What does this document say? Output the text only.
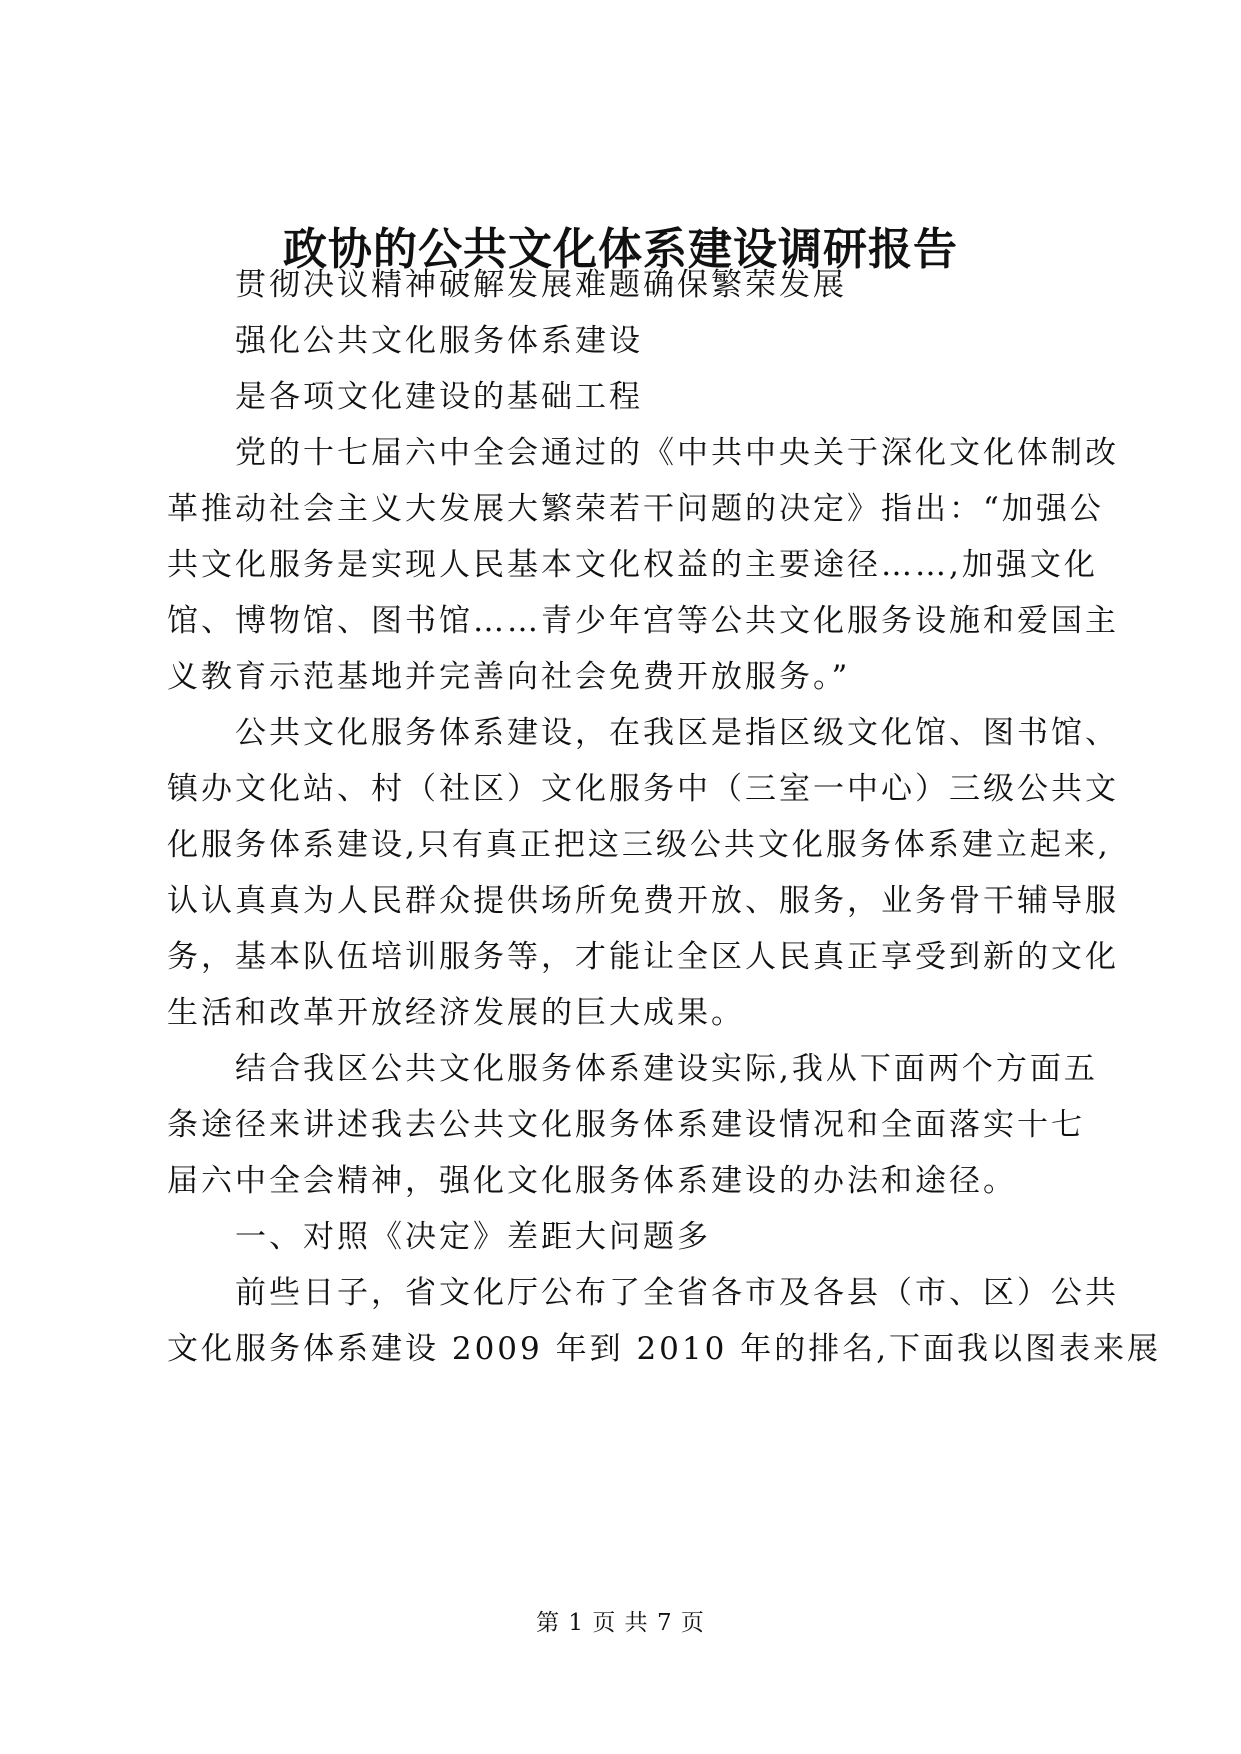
政协的公共文化体系建设调研报告
　　贯彻决议精神破解发展难题确保繁荣发展
　　强化公共文化服务体系建设
　　是各项文化建设的基础工程
　　党的十七届六中全会通过的《中共中央关于深化文化体制改
革推动社会主义大发展大繁荣若干问题的决定》指出：“加强公
共文化服务是实现人民基本文化权益的主要途径……,加强文化
馆、博物馆、图书馆……青少年宫等公共文化服务设施和爱国主
义教育示范基地并完善向社会免费开放服务。”
　　公共文化服务体系建设，在我区是指区级文化馆、图书馆、
镇办文化站、村（社区）文化服务中（三室一中心）三级公共文
化服务体系建设,只有真正把这三级公共文化服务体系建立起来,
认认真真为人民群众提供场所免费开放、服务，业务骨干辅导服
务，基本队伍培训服务等，才能让全区人民真正享受到新的文化
生活和改革开放经济发展的巨大成果。
　　结合我区公共文化服务体系建设实际,我从下面两个方面五
条途径来讲述我去公共文化服务体系建设情况和全面落实十七
届六中全会精神，强化文化服务体系建设的办法和途径。
　　一、对照《决定》差距大问题多
　　前些日子，省文化厅公布了全省各市及各县（市、区）公共
文化服务体系建设 2009 年到 2010 年的排名,下面我以图表来展
第 1 页 共 7 页
